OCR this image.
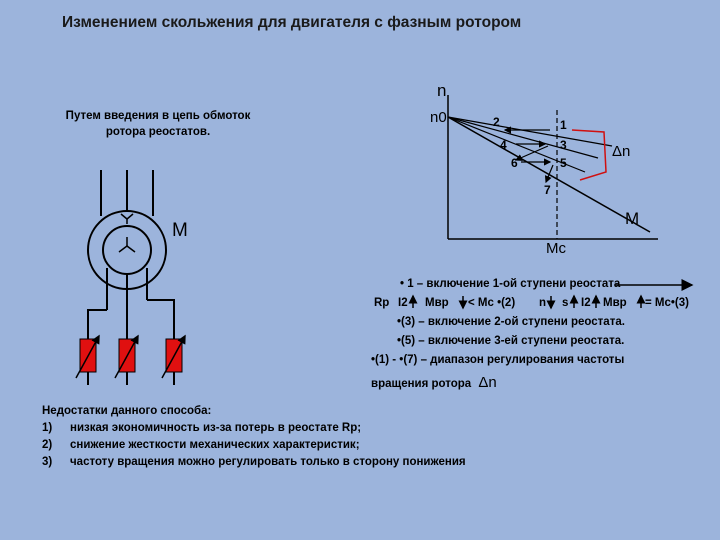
Изменением скольжения для двигателя с фазным ротором
Путем введения в цепь обмоток ротора реостатов.
M
n
n0
M
Mc
Δn
1
2
3
4
5
6
7
• 1 – включение 1-ой ступени реостата
Rp I2 Mвр < Mc •(2) n s I2 Mвр = Mc•(3)
•(3) – включение 2-ой ступени реостата.
•(5) – включение 3-ей ступени реостата.
•(1) - •(7) – диапазон регулирования частоты
вращения ротора Δn
Недостатки данного способа:
1) низкая экономичность из-за потерь в реостате Rр;
2) снижение жесткости механических характеристик;
3) частоту вращения можно регулировать только в сторону понижения
